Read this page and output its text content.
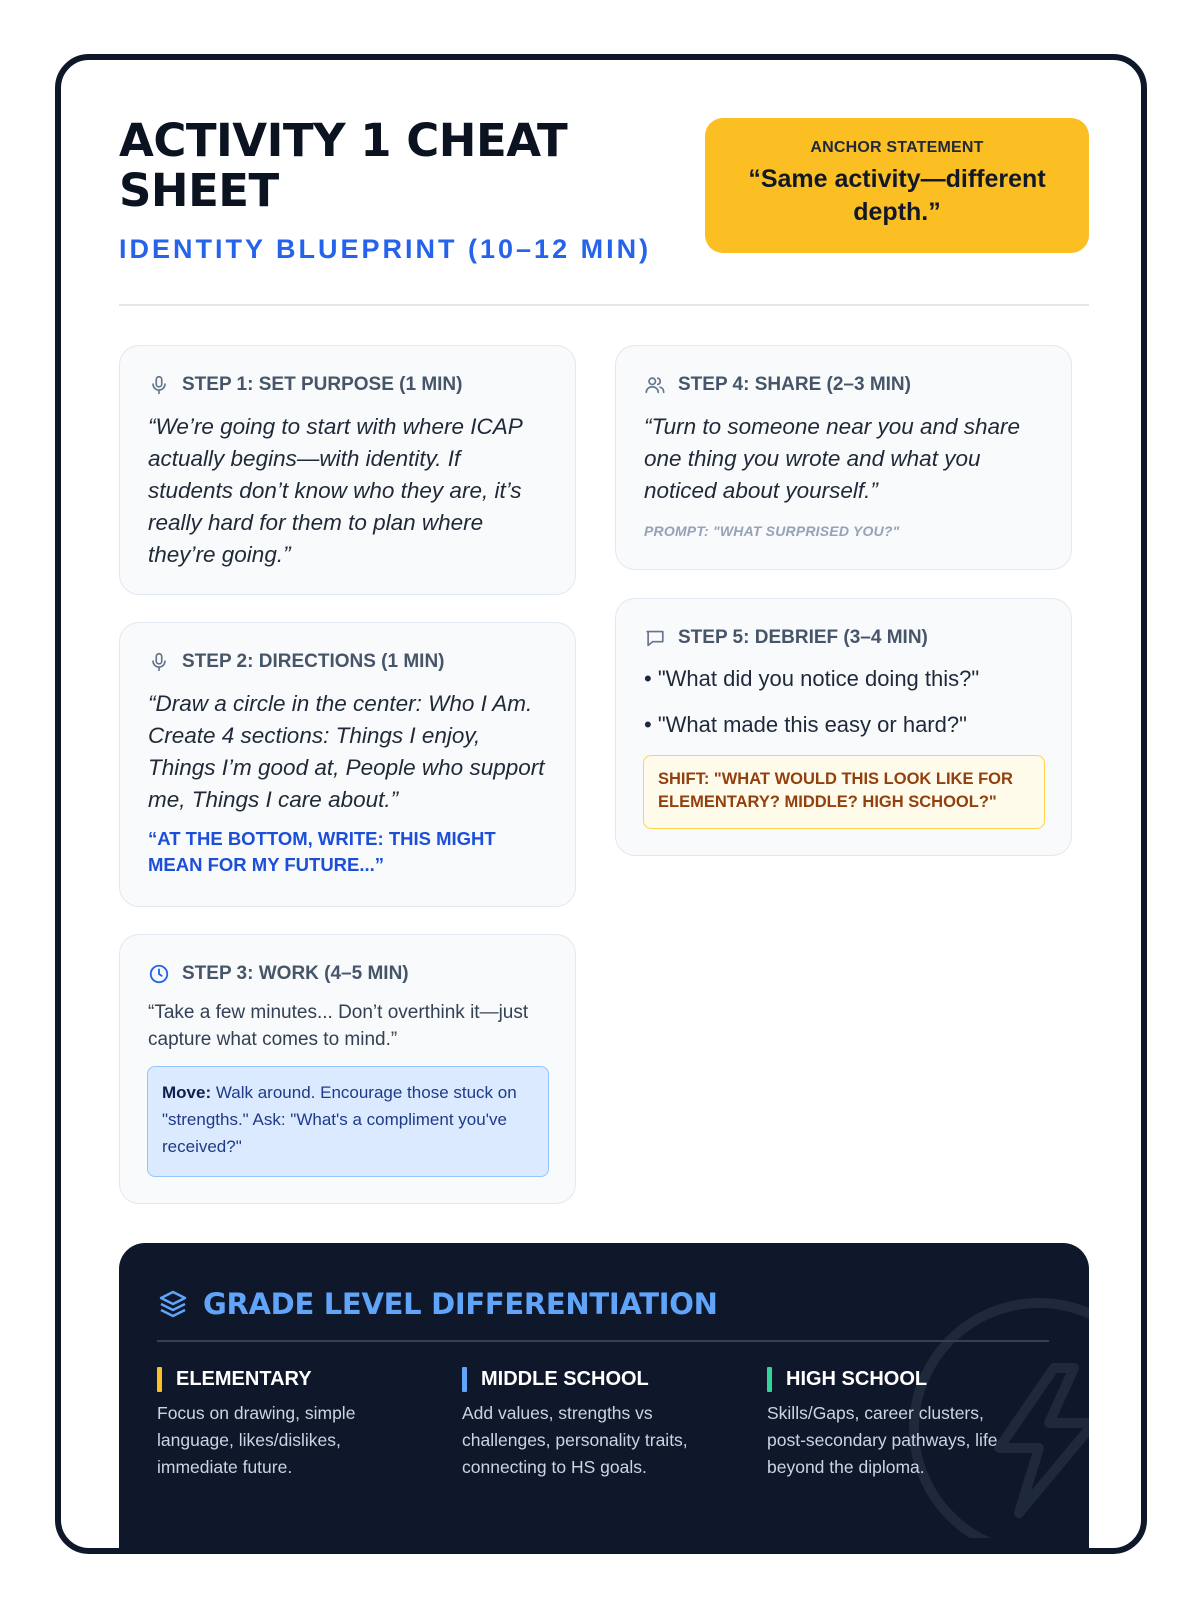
ACTIVITY 1 CHEAT SHEET
IDENTITY BLUEPRINT (10–12 MIN)
ANCHOR STATEMENT
“Same activity—different depth.”
STEP 1: SET PURPOSE (1 MIN)

“We’re going to start with where ICAP actually begins—with identity. If students don’t know who they are, it’s really hard for them to plan where they’re going.”

STEP 2: DIRECTIONS (1 MIN)

“Draw a circle in the center: Who I Am. Create 4 sections: Things I enjoy, Things I’m good at, People who support me, Things I care about.”

“AT THE BOTTOM, WRITE: THIS MIGHT MEAN FOR MY FUTURE...”

STEP 3: WORK (4–5 MIN)

“Take a few minutes... Don’t overthink it—just capture what comes to mind.”

Move: Walk around. Encourage those stuck on "strengths." Ask: "What's a compliment you've received?"
STEP 4: SHARE (2–3 MIN)

“Turn to someone near you and share one thing you wrote and what you noticed about yourself.”

PROMPT: "WHAT SURPRISED YOU?"

STEP 5: DEBRIEF (3–4 MIN)

• "What did you notice doing this?"

• "What made this easy or hard?"

SHIFT: "WHAT WOULD THIS LOOK LIKE FOR ELEMENTARY? MIDDLE? HIGH SCHOOL?"
GRADE LEVEL DIFFERENTIATION
ELEMENTARY
Focus on drawing, simple language, likes/dislikes, immediate future.
MIDDLE SCHOOL
Add values, strengths vs challenges, personality traits, connecting to HS goals.
HIGH SCHOOL
Skills/Gaps, career clusters, post-secondary pathways, life beyond the diploma.
